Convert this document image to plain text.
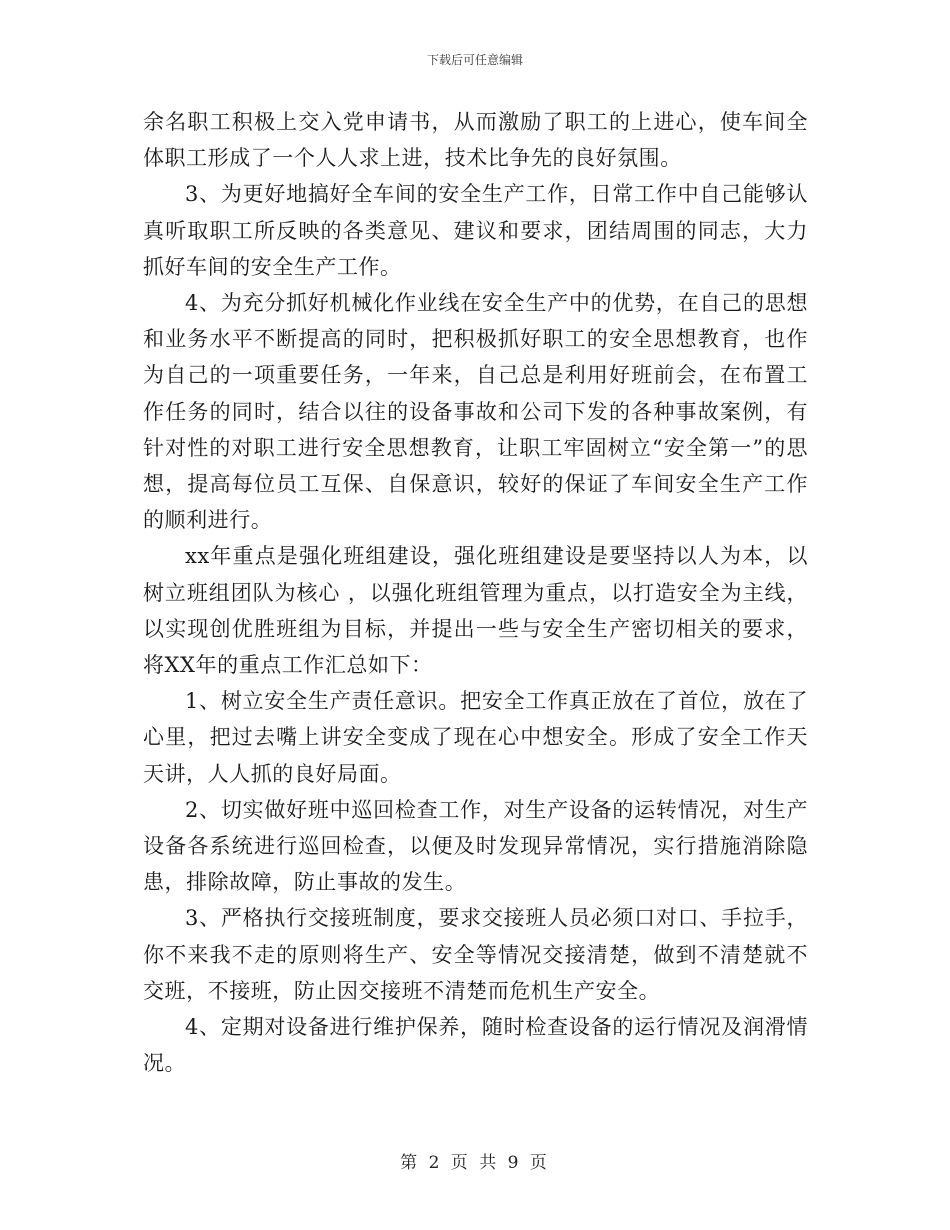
下载后可任意编辑

余名职工积极上交入党申请书，从而激励了职工的上进心，使车间全体职工形成了一个人人求上进，技术比争先的良好氛围。

3、为更好地搞好全车间的安全生产工作，日常工作中自己能够认真听取职工所反映的各类意见、建议和要求，团结周围的同志，大力抓好车间的安全生产工作。

4、为充分抓好机械化作业线在安全生产中的优势，在自己的思想和业务水平不断提高的同时，把积极抓好职工的安全思想教育，也作为自己的一项重要任务，一年来，自己总是利用好班前会，在布置工作任务的同时，结合以往的设备事故和公司下发的各种事故案例，有针对性的对职工进行安全思想教育，让职工牢固树立“安全第一”的思想，提高每位员工互保、自保意识，较好的保证了车间安全生产工作的顺利进行。

xx年重点是强化班组建设，强化班组建设是要坚持以人为本，以树立班组团队为核心 ，以强化班组管理为重点，以打造安全为主线，以实现创优胜班组为目标，并提出一些与安全生产密切相关的要求，将XX年的重点工作汇总如下：

1、树立安全生产责任意识。把安全工作真正放在了首位，放在了心里，把过去嘴上讲安全变成了现在心中想安全。形成了安全工作天天讲，人人抓的良好局面。

2、切实做好班中巡回检查工作，对生产设备的运转情况，对生产设备各系统进行巡回检查，以便及时发现异常情况，实行措施消除隐患，排除故障，防止事故的发生。

3、严格执行交接班制度，要求交接班人员必须口对口、手拉手，你不来我不走的原则将生产、安全等情况交接清楚，做到不清楚就不交班，不接班，防止因交接班不清楚而危机生产安全。

4、定期对设备进行维护保养，随时检查设备的运行情况及润滑情况。

第 2 页 共 9 页
